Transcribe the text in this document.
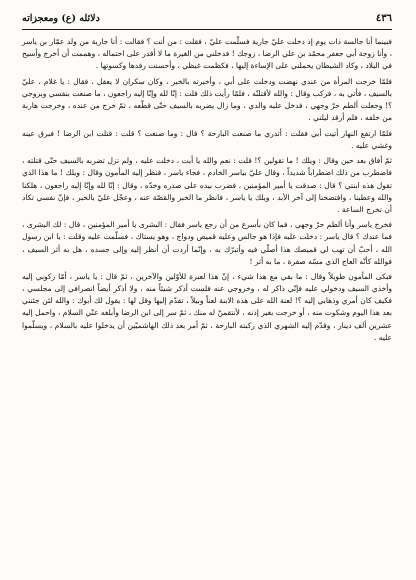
٤٣٦
دلائله (ع) ومعجزاته

فبينما أنا جالسة ذات يوم إذ دخلت عليّ جارية فسلّمت عليّ ، فقلت : من أنت ؟ فقالت : أنا جارية من ولد عمّار بن ياسر ، وأنا زوجة أبي جعفر محمّد بن علي الرضا ، زوجك ! فدخلني من الغيرة ما لا أقدر على احتماله ، وهممت أن أخرج وأسيح في البلاد ، وكاد الشيطان يحملني على الإساءة إليها ، فكظمت غيظي ، وأحسنت رفدها وكسوتها .

فلمّا خرجت المرأة من عندي نهضت ودخلت على أبي ، وأخبرته بالخبر ، وكان سكران لا يعقل ، فقال : يا غلام ، عليّ بالسيف ، فأتي به ، فركب وقال : والله لأقتلنّه ، فلمّا رأيت ذلك قلت : إنّا لله وإنّا إليه راجعون ، ما صنعت بنفسي وبزوجي ؟! وجعلت ألطم حرّ وجهي ، فدخل عليه والدي ، وما زال يضربه بالسيف حتّى قطّعه ، ثمّ خرج من عنده ، وخرجت هاربة من خلفه ، فلم أرقد ليلتي .

فلمّا ارتفع النهار أتيت أبي فقلت : أتدري ما صنعت البارحة ؟ قال : وما صنعت ؟ قلت : قتلت ابن الرضا ! فبرق عينه وغشي عليه .

ثمّ أفاق بعد حين وقال : ويلك ! ما تقولين ؟! قلت : نعم والله يا أبت ، دخلت عليه ، ولم تزل تضربه بالسيف حتّى قتلته ، فاضطرب من ذلك اضطراباً شديداً ، وقال عليّ بياسر الخادم ، فجاء ياسر ، فنظر إليه المأمون وقال : ويلك ! ما هذا الذي تقول هذه ابنتي ؟ قال : صدقت يا أمير المؤمنين ، فضرب بيده على صدره وخدّه ، وقال : إنّا لله وإنّا إليه راجعون ، هلكنا والله وعطبنا ، وافتضحنا إلى آخر الأبد ، ويلك يا ياسر ، فانظر ما الخبر والقصّة عنه ، وعجّل عليّ بالخبر ، فإنّ نفسي تكاد أن تخرج الساعة .

فخرج ياسر وأنا ألطم حرّ وجهي ، فما كان بأسرع من أن رجع ياسر فقال : البشرى يا أمير المؤمنين ، قال : لك البشرى ، فما عندك ؟ قال ياسر : دخلت عليه فإذا هو جالس وعليه قميص ودواج ، وهو يستاك ، فسلّمت عليه وقلت : يا ابن رسول الله ، أحبّ أن تهب لي قميصك هذا أصلّي فيه وأتبرّك به ، وإنّما أردت أن أنظر إليه وإلى جسده ، هل به أثر السيف ، فوالله كأنّه العاج الذي مسّه صفرة ، ما به أثر !

فبكى المأمون طويلاً وقال : ما بقي مع هذا شيء ، إنّ هذا لعبرة للأوّلين والآخرين ، ثمّ قال : يا ياسر ، أمّا ركوبي إليه وأخذي السيف ودخولي عليه فإنّي ذاكر له ، وخروجي عنه فلست أذكر شيئاً منه ، ولا أذكر أيضاً انصرافي إلى مجلسي ، فكيف كان أمري وذهابي إليه ؟! لعنة الله على هذه الابنة لعناً وبيلاً ، تقدّم إليها وقل لها : يقول لك أبوك : والله لئن جئتني بعد هذا اليوم وشكوت منه ، أو خرجت بغير إذنه ، لأنتقمنّ له منك ، ثمّ سر إلى ابن الرضا وأبلغه عنّي السلام ، واحمل إليه عشرين ألف دينار ، وقدّم إليه الشهري الذي ركبته البارحة ، ثمّ أمر بعد ذلك الهاشميّين أن يدخلوا عليه بالسلام ، ويسلّموا عليه .
